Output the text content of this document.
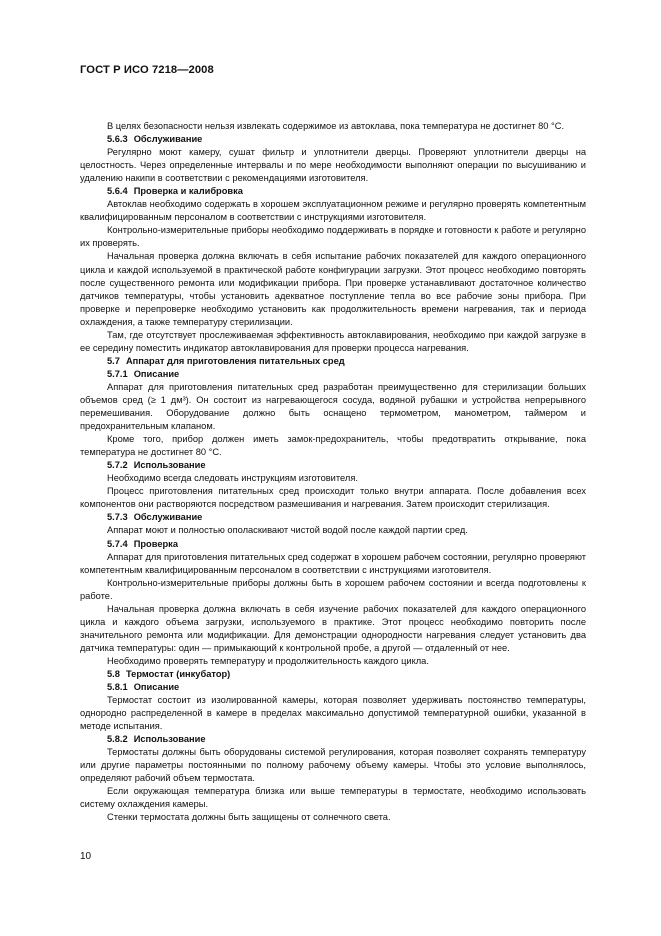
ГОСТ Р ИСО 7218—2008

В целях безопасности нельзя извлекать содержимое из автоклава, пока температура не достигнет 80 °С.

5.6.3 Обслуживание

Регулярно моют камеру, сушат фильтр и уплотнители дверцы. Проверяют уплотнители дверцы на целостность. Через определенные интервалы и по мере необходимости выполняют операции по высушиванию и удалению накипи в соответствии с рекомендациями изготовителя.

5.6.4 Проверка и калибровка

Автоклав необходимо содержать в хорошем эксплуатационном режиме и регулярно проверять компетентным квалифицированным персоналом в соответствии с инструкциями изготовителя.

Контрольно-измерительные приборы необходимо поддерживать в порядке и готовности к работе и регулярно их проверять.

Начальная проверка должна включать в себя испытание рабочих показателей для каждого операционного цикла и каждой используемой в практической работе конфигурации загрузки. Этот процесс необходимо повторять после существенного ремонта или модификации прибора. При проверке устанавливают достаточное количество датчиков температуры, чтобы установить адекватное поступление тепла во все рабочие зоны прибора. При проверке и перепроверке необходимо установить как продолжительность времени нагревания, так и периода охлаждения, а также температуру стерилизации.

Там, где отсутствует прослеживаемая эффективность автоклавирования, необходимо при каждой загрузке в ее середину поместить индикатор автоклавирования для проверки процесса нагревания.

5.7 Аппарат для приготовления питательных сред

5.7.1 Описание

Аппарат для приготовления питательных сред разработан преимущественно для стерилизации больших объемов сред (≥ 1 дм³). Он состоит из нагревающегося сосуда, водяной рубашки и устройства непрерывного перемешивания. Оборудование должно быть оснащено термометром, манометром, таймером и предохранительным клапаном.

Кроме того, прибор должен иметь замок-предохранитель, чтобы предотвратить открывание, пока температура не достигнет 80 °С.

5.7.2 Использование

Необходимо всегда следовать инструкциям изготовителя.

Процесс приготовления питательных сред происходит только внутри аппарата. После добавления всех компонентов они растворяются посредством размешивания и нагревания. Затем происходит стерилизация.

5.7.3 Обслуживание

Аппарат моют и полностью ополаскивают чистой водой после каждой партии сред.

5.7.4 Проверка

Аппарат для приготовления питательных сред содержат в хорошем рабочем состоянии, регулярно проверяют компетентным квалифицированным персоналом в соответствии с инструкциями изготовителя.

Контрольно-измерительные приборы должны быть в хорошем рабочем состоянии и всегда подготовлены к работе.

Начальная проверка должна включать в себя изучение рабочих показателей для каждого операционного цикла и каждого объема загрузки, используемого в практике. Этот процесс необходимо повторить после значительного ремонта или модификации. Для демонстрации однородности нагревания следует установить два датчика температуры: один — примыкающий к контрольной пробе, а другой — отдаленный от нее.

Необходимо проверять температуру и продолжительность каждого цикла.

5.8 Термостат (инкубатор)

5.8.1 Описание

Термостат состоит из изолированной камеры, которая позволяет удерживать постоянство температуры, однородно распределенной в камере в пределах максимально допустимой температурной ошибки, указанной в методе испытания.

5.8.2 Использование

Термостаты должны быть оборудованы системой регулирования, которая позволяет сохранять температуру или другие параметры постоянными по полному рабочему объему камеры. Чтобы это условие выполнялось, определяют рабочий объем термостата.

Если окружающая температура близка или выше температуры в термостате, необходимо использовать систему охлаждения камеры.

Стенки термостата должны быть защищены от солнечного света.

10
